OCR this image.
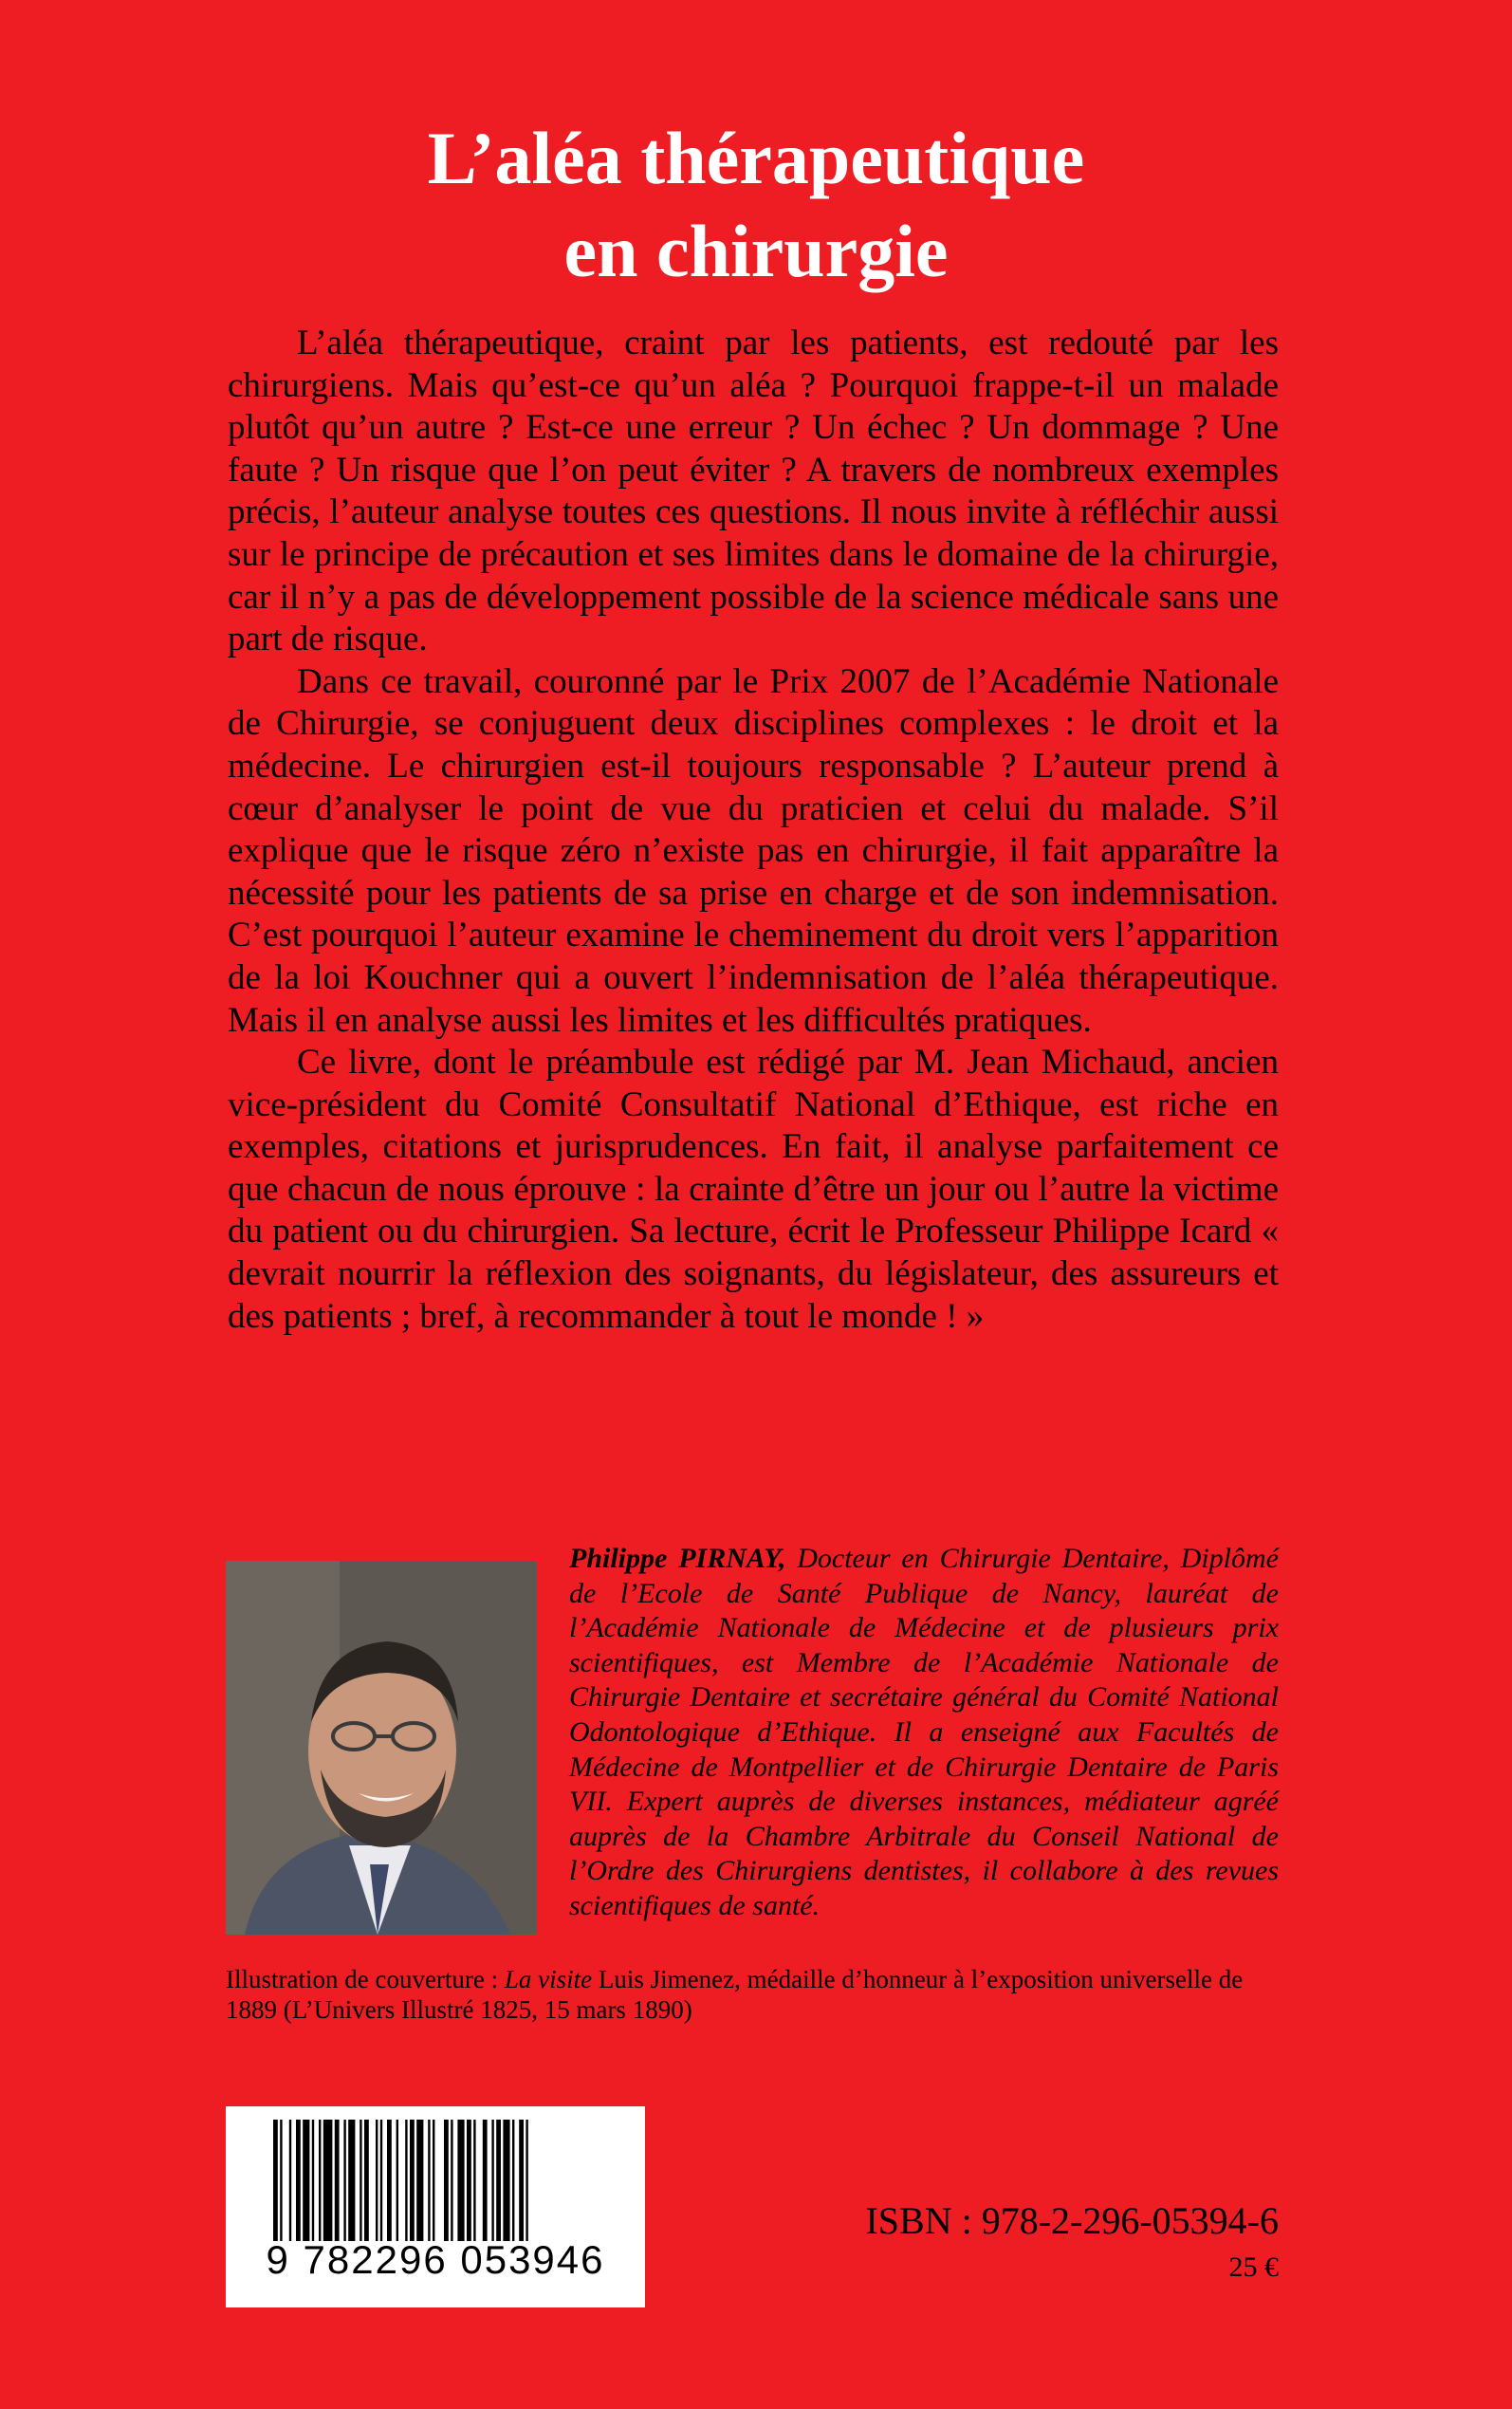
L’aléa thérapeutique
en chirurgie

L’aléa thérapeutique, craint par les patients, est redouté par les chirurgiens. Mais qu’est-ce qu’un aléa ? Pourquoi frappe-t-il un malade plutôt qu’un autre ? Est-ce une erreur ? Un échec ? Un dommage ? Une faute ? Un risque que l’on peut éviter ? A travers de nombreux exemples précis, l’auteur analyse toutes ces questions. Il nous invite à réfléchir aussi sur le principe de précaution et ses limites dans le domaine de la chirurgie, car il n’y a pas de développement possible de la science médicale sans une part de risque.

Dans ce travail, couronné par le Prix 2007 de l’Académie Nationale de Chirurgie, se conjuguent deux disciplines complexes : le droit et la médecine. Le chirurgien est-il toujours responsable ? L’auteur prend à cœur d’analyser le point de vue du praticien et celui du malade. S’il explique que le risque zéro n’existe pas en chirurgie, il fait apparaître la nécessité pour les patients de sa prise en charge et de son indemnisation. C’est pourquoi l’auteur examine le cheminement du droit vers l’apparition de la loi Kouchner qui a ouvert l’indemnisation de l’aléa thérapeutique. Mais il en analyse aussi les limites et les difficultés pratiques.

Ce livre, dont le préambule est rédigé par M. Jean Michaud, ancien vice-président du Comité Consultatif National d’Ethique, est riche en exemples, citations et jurisprudences. En fait, il analyse parfaitement ce que chacun de nous éprouve : la crainte d’être un jour ou l’autre la victime du patient ou du chirurgien. Sa lecture, écrit le Professeur Philippe Icard « devrait nourrir la réflexion des soignants, du législateur, des assureurs et des patients ; bref, à recommander à tout le monde ! »

Philippe PIRNAY, Docteur en Chirurgie Dentaire, Diplômé de l’Ecole de Santé Publique de Nancy, lauréat de l’Académie Nationale de Médecine et de plusieurs prix scientifiques, est Membre de l’Académie Nationale de Chirurgie Dentaire et secrétaire général du Comité National Odontologique d’Ethique. Il a enseigné aux Facultés de Médecine de Montpellier et de Chirurgie Dentaire de Paris VII. Expert auprès de diverses instances, médiateur agréé auprès de la Chambre Arbitrale du Conseil National de l’Ordre des Chirurgiens dentistes, il collabore à des revues scientifiques de santé.

Illustration de couverture : La visite Luis Jimenez, médaille d’honneur à l’exposition universelle de 1889 (L’Univers Illustré 1825, 15 mars 1890)

9 782296 053946
ISBN : 978-2-296-05394-6
25 €
